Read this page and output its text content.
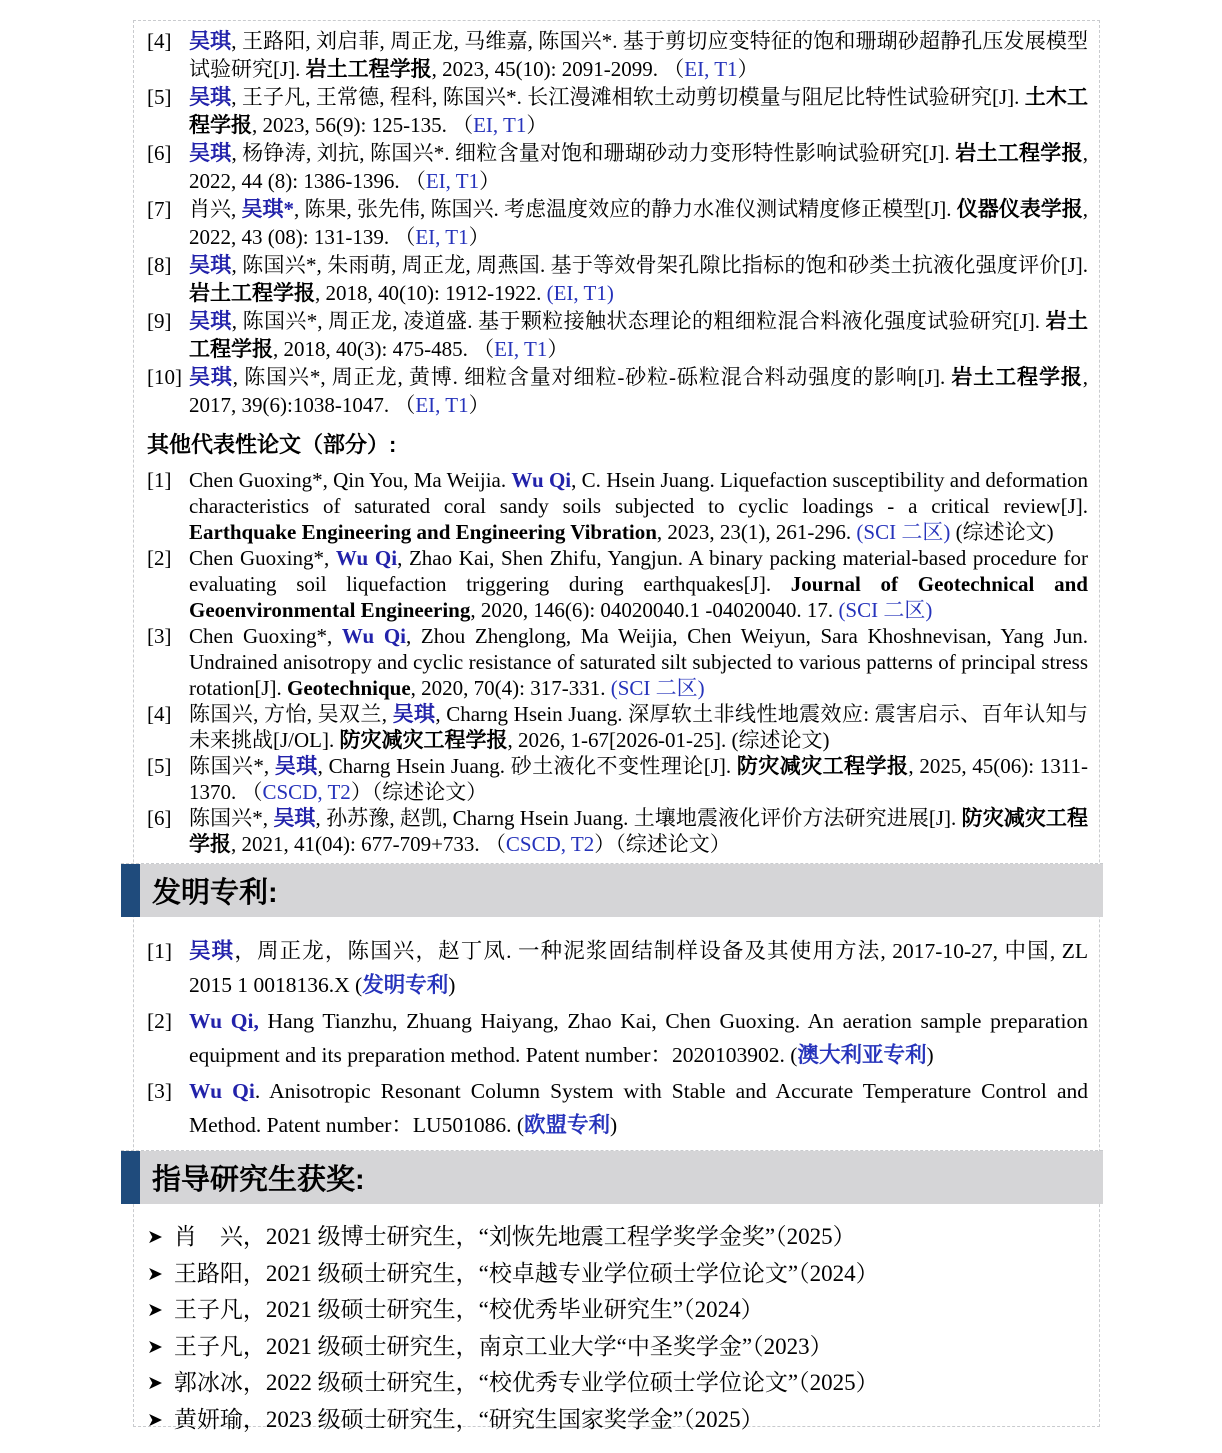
[4] 吴琪, 王路阳, 刘启菲, 周正龙, 马维嘉, 陈国兴*. 基于剪切应变特征的饱和珊瑚砂超静孔压发展模型试验研究[J]. 岩土工程学报, 2023, 45(10): 2091-2099. （EI, T1）
[5] 吴琪, 王子凡, 王常德, 程科, 陈国兴*. 长江漫滩相软土动剪切模量与阻尼比特性试验研究[J]. 土木工程学报, 2023, 56(9): 125-135. （EI, T1）
[6] 吴琪, 杨铮涛, 刘抗, 陈国兴*. 细粒含量对饱和珊瑚砂动力变形特性影响试验研究[J]. 岩土工程学报, 2022, 44 (8): 1386-1396. （EI, T1）
[7] 肖兴, 吴琪*, 陈果, 张先伟, 陈国兴. 考虑温度效应的静力水准仪测试精度修正模型[J]. 仪器仪表学报, 2022, 43 (08): 131-139. （EI, T1）
[8] 吴琪, 陈国兴*, 朱雨萌, 周正龙, 周燕国. 基于等效骨架孔隙比指标的饱和砂类土抗液化强度评价[J]. 岩土工程学报, 2018, 40(10): 1912-1922. (EI, T1)
[9] 吴琪, 陈国兴*, 周正龙, 凌道盛. 基于颗粒接触状态理论的粗细粒混合料液化强度试验研究[J]. 岩土工程学报, 2018, 40(3): 475-485. （EI, T1）
[10] 吴琪, 陈国兴*, 周正龙, 黄博. 细粒含量对细粒-砂粒-砾粒混合料动强度的影响[J]. 岩土工程学报, 2017, 39(6):1038-1047. （EI, T1）
其他代表性论文（部分）:
[1] Chen Guoxing*, Qin You, Ma Weijia. Wu Qi, C. Hsein Juang. Liquefaction susceptibility and deformation characteristics of saturated coral sandy soils subjected to cyclic loadings - a critical review[J]. Earthquake Engineering and Engineering Vibration, 2023, 23(1), 261-296. (SCI 二区) (综述论文)
[2] Chen Guoxing*, Wu Qi, Zhao Kai, Shen Zhifu, Yangjun. A binary packing material-based procedure for evaluating soil liquefaction triggering during earthquakes[J]. Journal of Geotechnical and Geoenvironmental Engineering, 2020, 146(6): 04020040.1 -04020040. 17. (SCI 二区)
[3] Chen Guoxing*, Wu Qi, Zhou Zhenglong, Ma Weijia, Chen Weiyun, Sara Khoshnevisan, Yang Jun. Undrained anisotropy and cyclic resistance of saturated silt subjected to various patterns of principal stress rotation[J]. Geotechnique, 2020, 70(4): 317-331. (SCI 二区)
[4] 陈国兴, 方怡, 吴双兰, 吴琪, Charng Hsein Juang. 深厚软土非线性地震效应: 震害启示、百年认知与未来挑战[J/OL]. 防灾减灾工程学报, 2026, 1-67[2026-01-25]. (综述论文)
[5] 陈国兴*, 吴琪, Charng Hsein Juang. 砂土液化不变性理论[J]. 防灾减灾工程学报, 2025, 45(06): 1311-1370. （CSCD, T2）（综述论文）
[6] 陈国兴*, 吴琪, 孙苏豫, 赵凯, Charng Hsein Juang. 土壤地震液化评价方法研究进展[J]. 防灾减灾工程学报, 2021, 41(04): 677-709+733. （CSCD, T2）（综述论文）
发明专利:
[1] 吴琪，周正龙，陈国兴，赵丁凤. 一种泥浆固结制样设备及其使用方法, 2017-10-27, 中国, ZL 2015 1 0018136.X (发明专利)
[2] Wu Qi, Hang Tianzhu, Zhuang Haiyang, Zhao Kai, Chen Guoxing. An aeration sample preparation equipment and its preparation method. Patent number：2020103902. (澳大利亚专利)
[3] Wu Qi. Anisotropic Resonant Column System with Stable and Accurate Temperature Control and Method. Patent number：LU501086. (欧盟专利)
指导研究生获奖:
➤ 肖　兴，2021 级博士研究生，“刘恢先地震工程学奖学金奖”（2025）
➤ 王路阳，2021 级硕士研究生，“校卓越专业学位硕士学位论文”（2024）
➤ 王子凡，2021 级硕士研究生，“校优秀毕业研究生”（2024）
➤ 王子凡，2021 级硕士研究生，南京工业大学“中圣奖学金”（2023）
➤ 郭冰冰，2022 级硕士研究生，“校优秀专业学位硕士学位论文”（2025）
➤ 黄妍瑜，2023 级硕士研究生，“研究生国家奖学金”（2025）
